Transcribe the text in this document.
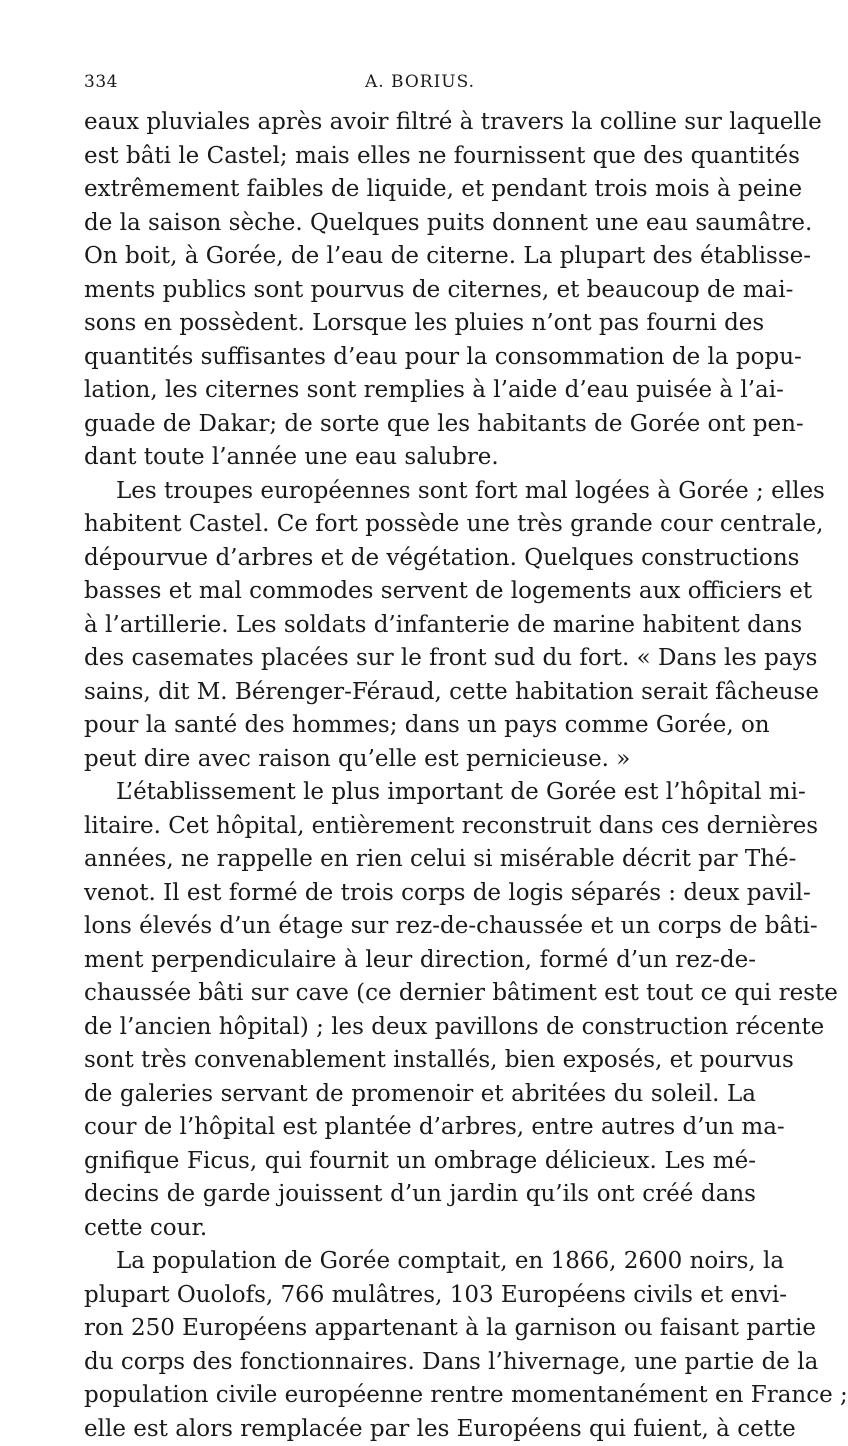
334	A. BORIUS.
eaux pluviales après avoir filtré à travers la colline sur laquelle
est bâti le Castel; mais elles ne fournissent que des quantités
extrêmement faibles de liquide, et pendant trois mois à peine
de la saison sèche. Quelques puits donnent une eau saumâtre.
On boit, à Gorée, de l’eau de citerne. La plupart des établisse-
ments publics sont pourvus de citernes, et beaucoup de mai-
sons en possèdent. Lorsque les pluies n’ont pas fourni des
quantités suffisantes d’eau pour la consommation de la popu-
lation, les citernes sont remplies à l’aide d’eau puisée à l’ai-
guade de Dakar; de sorte que les habitants de Gorée ont pen-
dant toute l’année une eau salubre.
Les troupes européennes sont fort mal logées à Gorée ; elles
habitent Castel. Ce fort possède une très grande cour centrale,
dépourvue d’arbres et de végétation. Quelques constructions
basses et mal commodes servent de logements aux officiers et
à l’artillerie. Les soldats d’infanterie de marine habitent dans
des casemates placées sur le front sud du fort. « Dans les pays
sains, dit M. Bérenger-Féraud, cette habitation serait fâcheuse
pour la santé des hommes; dans un pays comme Gorée, on
peut dire avec raison qu’elle est pernicieuse. »
L’établissement le plus important de Gorée est l’hôpital mi-
litaire. Cet hôpital, entièrement reconstruit dans ces dernières
années, ne rappelle en rien celui si misérable décrit par Thé-
venot. Il est formé de trois corps de logis séparés : deux pavil-
lons élevés d’un étage sur rez-de-chaussée et un corps de bâti-
ment perpendiculaire à leur direction, formé d’un rez-de-
chaussée bâti sur cave (ce dernier bâtiment est tout ce qui reste
de l’ancien hôpital) ; les deux pavillons de construction récente
sont très convenablement installés, bien exposés, et pourvus
de galeries servant de promenoir et abritées du soleil. La
cour de l’hôpital est plantée d’arbres, entre autres d’un ma-
gnifique Ficus, qui fournit un ombrage délicieux. Les mé-
decins de garde jouissent d’un jardin qu’ils ont créé dans
cette cour.
La population de Gorée comptait, en 1866, 2600 noirs, la
plupart Ouolofs, 766 mulâtres, 103 Européens civils et envi-
ron 250 Européens appartenant à la garnison ou faisant partie
du corps des fonctionnaires. Dans l’hivernage, une partie de la
population civile européenne rentre momentanément en France ;
elle est alors remplacée par les Européens qui fuient, à cette
